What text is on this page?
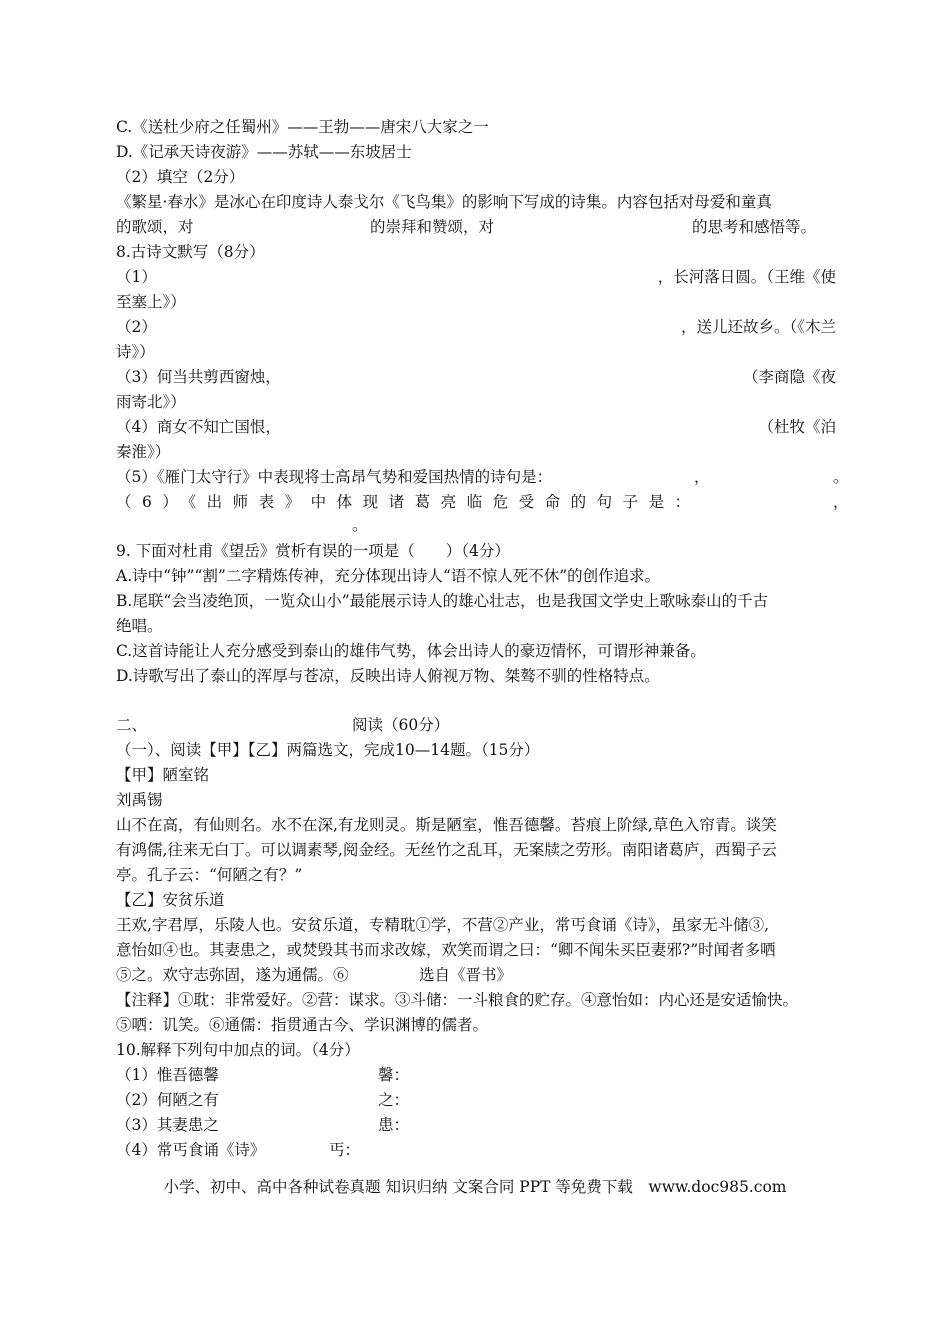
C.《送杜少府之任蜀州》——王勃——唐宋八大家之一
D.《记承天诗夜游》——苏轼——东坡居士
（2）填空（2分）
《繁星·春水》是冰心在印度诗人泰戈尔《飞鸟集》的影响下写成的诗集。内容包括对母爱和童真
的歌颂，对	的崇拜和赞颂，对	的思考和感悟等。
8.古诗文默写（8分）
（1）	，长河落日圆。（王维《使
至塞上》）
（2）	，送儿还故乡。（《木兰
诗》）
（3）何当共剪西窗烛，	（李商隐《夜
雨寄北》）
（4）商女不知亡国恨，	（杜牧《泊
秦淮》）
（5）《雁门太守行》中表现将士高昂气势和爱国热情的诗句是：	，	。
（6）《出师表》中体现诸葛亮临危受命的句子是：	，
。
9. 下面对杜甫《望岳》赏析有误的一项是（　　）（4分）
A.诗中“钟”“割”二字精炼传神，充分体现出诗人“语不惊人死不休”的创作追求。
B.尾联“会当凌绝顶，一览众山小”最能展示诗人的雄心壮志，也是我国文学史上歌咏泰山的千古
绝唱。
C.这首诗能让人充分感受到泰山的雄伟气势，体会出诗人的豪迈情怀，可谓形神兼备。
D.诗歌写出了泰山的浑厚与苍凉，反映出诗人俯视万物、桀骜不驯的性格特点。
二、	阅读（60分）
（一）、阅读【甲】【乙】两篇选文，完成10—14题。（15分）
【甲】陋室铭
刘禹锡
山不在高，有仙则名。水不在深,有龙则灵。斯是陋室，惟吾德馨。苔痕上阶绿,草色入帘青。谈笑
有鸿儒,往来无白丁。可以调素琴,阅金经。无丝竹之乱耳，无案牍之劳形。南阳诸葛庐，西蜀子云
亭。孔子云：“何陋之有？”
【乙】安贫乐道
王欢,字君厚，乐陵人也。安贫乐道，专精耽①学，不营②产业，常丐食诵《诗》，虽家无斗储③,
意怡如④也。其妻患之，或焚毁其书而求改嫁，欢笑而谓之曰：“卿不闻朱买臣妻邪?”时闻者多哂
⑤之。欢守志弥固，遂为通儒。⑥	选自《晋书》
【注释】①耽：非常爱好。②营：谋求。③斗储：一斗粮食的贮存。④意怡如：内心还是安适愉快。
⑤哂：讥笑。⑥通儒：指贯通古今、学识渊博的儒者。
10.解释下列句中加点的词。（4分）
（1）惟吾德馨	馨：
（2）何陋之有	之：
（3）其妻患之	患：
（4）常丐食诵《诗》	丐：
小学、初中、高中各种试卷真题 知识归纳 文案合同 PPT 等免费下载　www.doc985.com
